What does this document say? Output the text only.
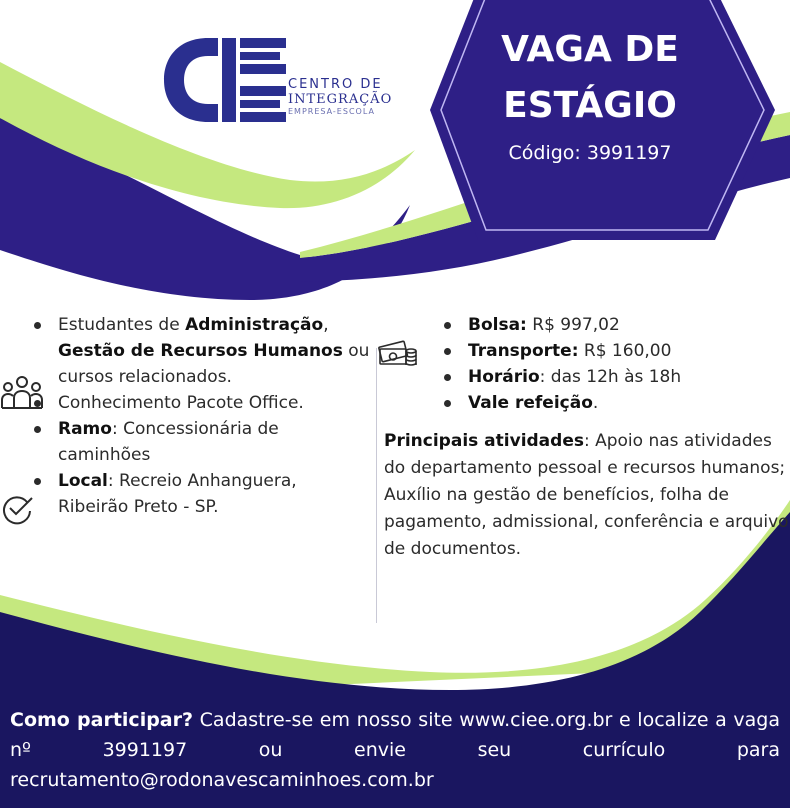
CENTRO DE
INTEGRAÇÃO
EMPRESA-ESCOLA
VAGA DE
ESTÁGIO
Código: 3991197
Estudantes de Administração, Gestão de Recursos Humanos ou cursos relacionados.
Conhecimento Pacote Office.
Ramo: Concessionária de caminhões
Local: Recreio Anhanguera, Ribeirão Preto - SP.
Bolsa: R$ 997,02
Transporte: R$ 160,00
Horário: das 12h às 18h
Vale refeição.
Principais atividades: Apoio nas atividades do departamento pessoal e recursos humanos; Auxílio na gestão de benefícios, folha de pagamento, admissional, conferência e arquivo de documentos.
Como participar? Cadastre-se em nosso site www.ciee.org.br e localize a vaga nº 3991197 ou envie seu currículo para recrutamento@rodonavescaminhoes.com.br
